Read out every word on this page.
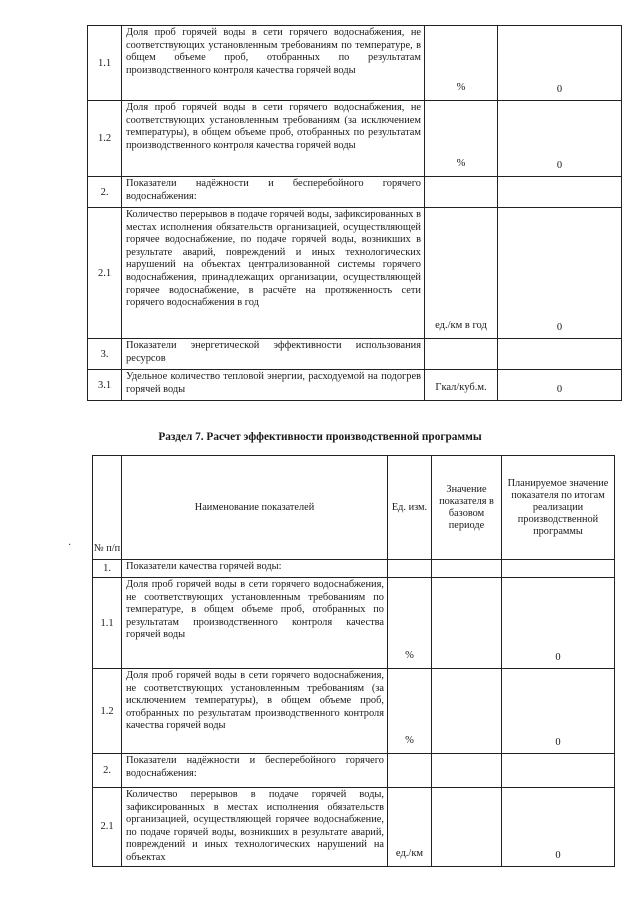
1.1	Доля проб горячей воды в сети горячего водоснабжения, не соответствующих установленным требованиям по температуре, в общем объеме проб, отобранных по результатам производственного контроля качества горячей воды	%	0
1.2	Доля проб горячей воды в сети горячего водоснабжения, не соответствующих установленным требованиям (за исключением температуры), в общем объеме проб, отобранных по результатам производственного контроля качества горячей воды	%	0
2.	Показатели надёжности и бесперебойного горячего водоснабжения:		
2.1	Количество перерывов в подаче горячей воды, зафиксированных в местах исполнения обязательств организацией, осуществляющей горячее водоснабжение, по подаче горячей воды, возникших в результате аварий, повреждений и иных технологических нарушений на объектах централизованной системы горячего водоснабжения, принадлежащих организации, осуществляющей горячее водоснабжение, в расчёте на протяженность сети горячего водоснабжения в год	ед./км в год	0
3.	Показатели энергетической эффективности использования ресурсов		
3.1	Удельное количество тепловой энергии, расходуемой на подогрев горячей воды	Гкал/куб.м.	0
Раздел 7. Расчет эффективности производственной программы
· № п/п	Наименование показателей	Ед. изм.	Значение показателя в базовом периоде	Планируемое значение показателя по итогам реализации производственной программы
1.	Показатели качества горячей воды:			
1.1	Доля проб горячей воды в сети горячего водоснабжения, не соответствующих установленным требованиям по температуре, в общем объеме проб, отобранных по результатам производственного контроля качества горячей воды	%		0
1.2	Доля проб горячей воды в сети горячего водоснабжения, не соответствующих установленным требованиям (за исключением температуры), в общем объеме проб, отобранных по результатам производственного контроля качества горячей воды	%		0
2.	Показатели надёжности и бесперебойного горячего водоснабжения:			
2.1	Количество перерывов в подаче горячей воды, зафиксированных в местах исполнения обязательств организацией, осуществляющей горячее водоснабжение, по подаче горячей воды, возникших в результате аварий, повреждений и иных технологических нарушений на объектах	ед./км		0
